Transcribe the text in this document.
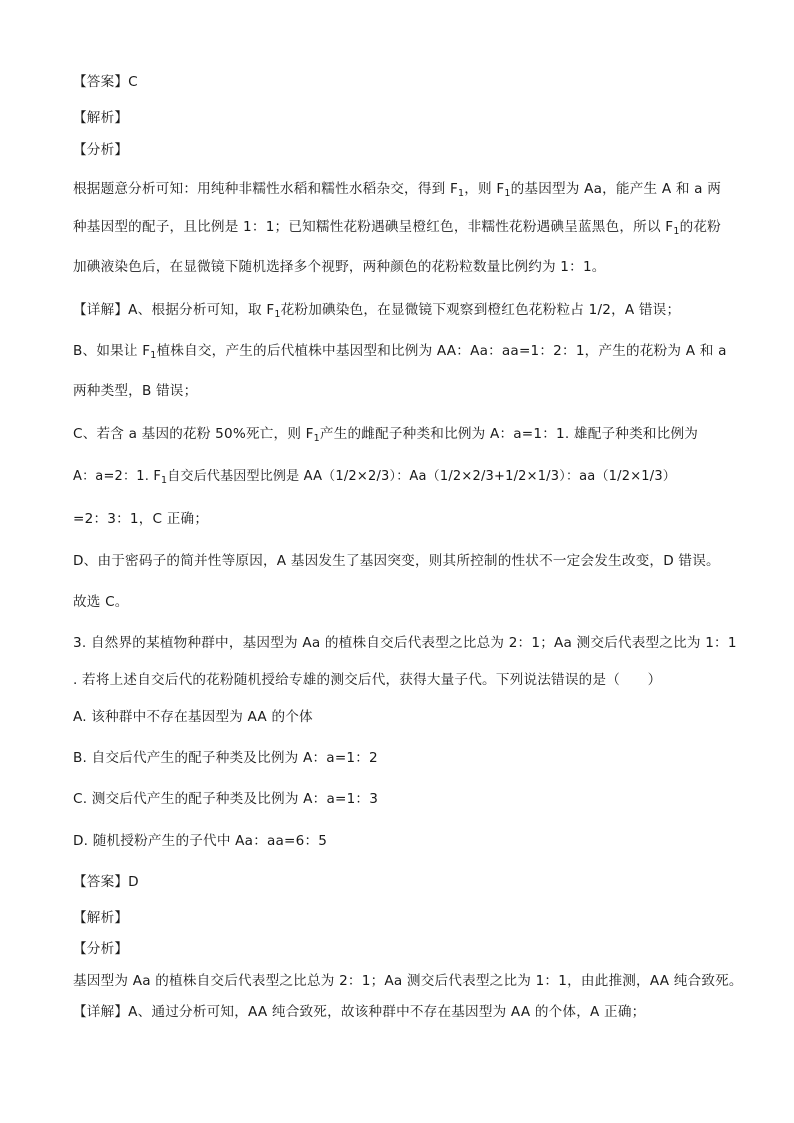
【答案】C
【解析】
【分析】
根据题意分析可知：用纯种非糯性水稻和糯性水稻杂交，得到 $F_1$，则 $F_1$的基因型为 Aa，能产生 A 和 a 两
种基因型的配子，且比例是 1：1；已知糯性花粉遇碘呈橙红色，非糯性花粉遇碘呈蓝黑色，所以 $F_1$的花粉
加碘液染色后，在显微镜下随机选择多个视野，两种颜色的花粉粒数量比例约为 1：1。
【详解】A、根据分析可知，取 $F_1$花粉加碘染色，在显微镜下观察到橙红色花粉粒占 1/2，A 错误；
B、如果让 $F_1$植株自交，产生的后代植株中基因型和比例为 AA：Aa：aa=1：2：1，产生的花粉为 A 和 a
两种类型，B 错误；
C、若含 a 基因的花粉 50%死亡，则 $F_1$产生的雌配子种类和比例为 A：a=1：1. 雄配子种类和比例为
A：a=2：1. $F_1$自交后代基因型比例是 AA（1/2×2/3）：Aa（1/2×2/3+1/2×1/3）：aa（1/2×1/3）
=2：3：1，C 正确；
D、由于密码子的简并性等原因，A 基因发生了基因突变，则其所控制的性状不一定会发生改变，D 错误。
故选 C。
3. 自然界的某植物种群中，基因型为 Aa 的植株自交后代表型之比总为 2：1；Aa 测交后代表型之比为 1：1
. 若将上述自交后代的花粉随机授给专雄的测交后代，获得大量子代。下列说法错误的是（　　）
A. 该种群中不存在基因型为 AA 的个体
B. 自交后代产生的配子种类及比例为 A：a=1：2
C. 测交后代产生的配子种类及比例为 A：a=1：3
D. 随机授粉产生的子代中 Aa：aa=6：5
【答案】D
【解析】
【分析】
基因型为 Aa 的植株自交后代表型之比总为 2：1；Aa 测交后代表型之比为 1：1，由此推测，AA 纯合致死。
【详解】A、通过分析可知，AA 纯合致死，故该种群中不存在基因型为 AA 的个体，A 正确；
